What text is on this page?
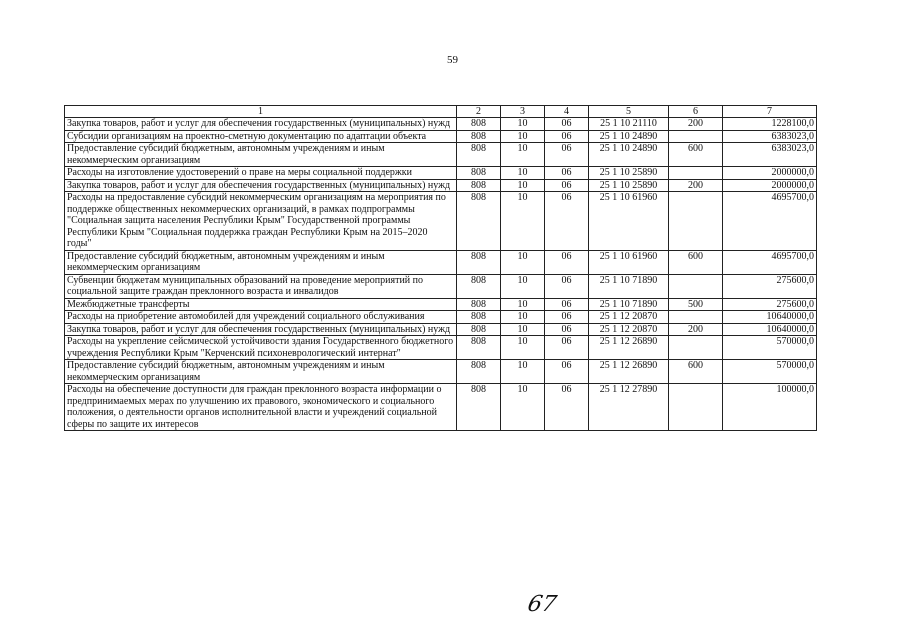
59
1	2	3	4	5	6	7
Закупка товаров, работ и услуг для обеспечения государственных (муниципальных) нужд	808	10	06	25 1 10 21110	200	1228100,0
Субсидии организациям на проектно-сметную документацию по адаптации объекта	808	10	06	25 1 10 24890		6383023,0
Предоставление субсидий бюджетным, автономным учреждениям и иным некоммерческим организациям	808	10	06	25 1 10 24890	600	6383023,0
Расходы на изготовление удостоверений о праве на меры социальной поддержки	808	10	06	25 1 10 25890		2000000,0
Закупка товаров, работ и услуг для обеспечения государственных (муниципальных) нужд	808	10	06	25 1 10 25890	200	2000000,0
Расходы на предоставление субсидий некоммерческим организациям на мероприятия по поддержке общественных некоммерческих организаций, в рамках подпрограммы "Социальная защита населения Республики Крым" Государственной программы Республики Крым "Социальная поддержка граждан Республики Крым на 2015–2020 годы"	808	10	06	25 1 10 61960		4695700,0
Предоставление субсидий бюджетным, автономным учреждениям и иным некоммерческим организациям	808	10	06	25 1 10 61960	600	4695700,0
Субвенции бюджетам муниципальных образований на проведение мероприятий по социальной защите граждан преклонного возраста и инвалидов	808	10	06	25 1 10 71890		275600,0
Межбюджетные трансферты	808	10	06	25 1 10 71890	500	275600,0
Расходы на приобретение автомобилей для учреждений социального обслуживания	808	10	06	25 1 12 20870		10640000,0
Закупка товаров, работ и услуг для обеспечения государственных (муниципальных) нужд	808	10	06	25 1 12 20870	200	10640000,0
Расходы на укрепление сейсмической устойчивости здания Государственного бюджетного учреждения Республики Крым "Керченский психоневрологический интернат"	808	10	06	25 1 12 26890		570000,0
Предоставление субсидий бюджетным, автономным учреждениям и иным некоммерческим организациям	808	10	06	25 1 12 26890	600	570000,0
Расходы на обеспечение доступности для граждан преклонного возраста информации о предпринимаемых мерах по улучшению их правового, экономического и социального положения, о деятельности органов исполнительной власти и учреждений социальной сферы по защите их интересов	808	10	06	25 1 12 27890		100000,0
67
